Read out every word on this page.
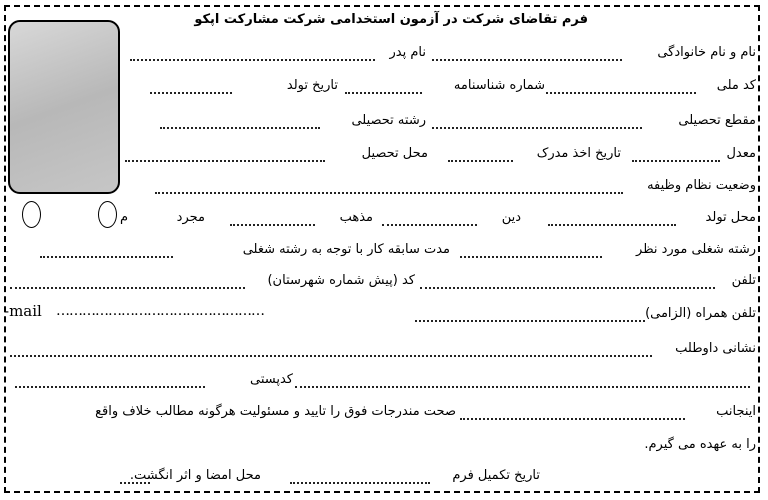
فرم تقاضای شرکت در آزمون استخدامی شرکت مشارکت اپکو
نام و نام خانوادگی
نام پدر
کد ملی
شماره شناسنامه
تاریخ تولد
مقطع تحصیلی
رشته تحصیلی
معدل
تاریخ اخذ مدرک
محل تحصیل
وضعیت نظام وظیفه
محل تولد
دین
مذهب
مجرد
م
رشته شغلی مورد نظر
مدت سابقه کار با توجه به رشته شغلی
تلفن
کد (پیش شماره شهرستان)
تلفن همراه (الزامی)
-mail …………………………………………
نشانی داوطلب
کدپستی
اینجانب
صحت مندرجات فوق را تایید و مسئولیت هرگونه مطالب خلاف واقع
را به عهده می گیرم.
تاریخ تکمیل فرم
محل امضا و اثر انگشت.
